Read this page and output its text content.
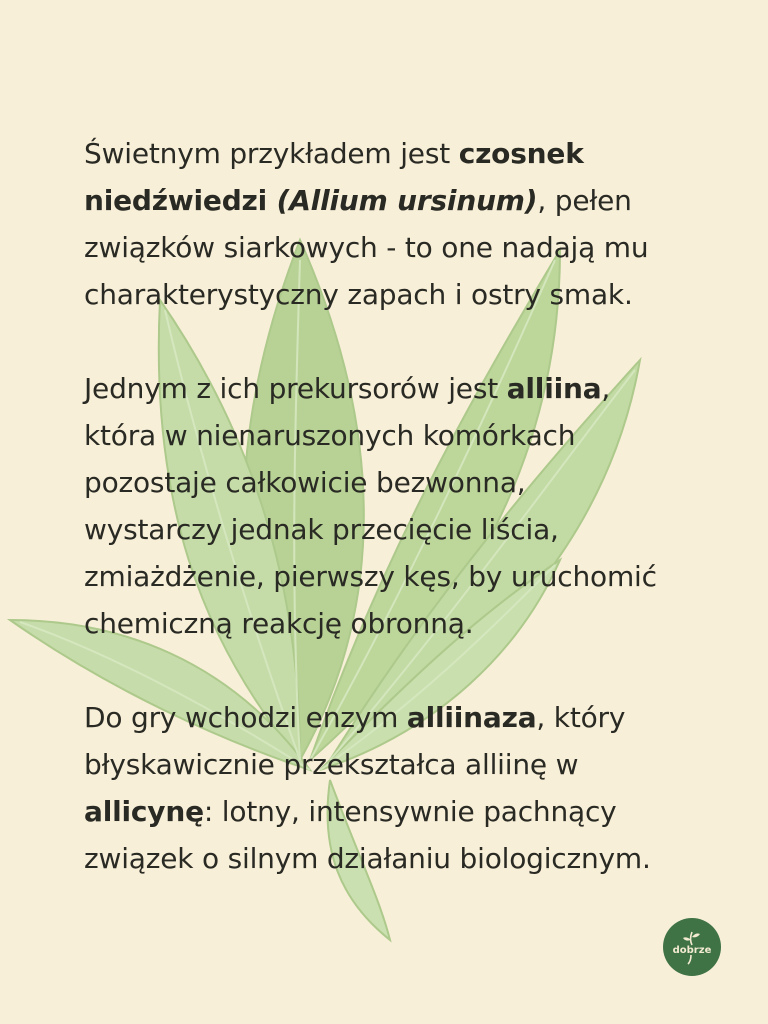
Świetnym przykładem jest czosnek
niedźwiedzi (Allium ursinum), pełen
związków siarkowych - to one nadają mu
charakterystyczny zapach i ostry smak.

Jednym z ich prekursorów jest alliina,
która w nienaruszonych komórkach
pozostaje całkowicie bezwonna,
wystarczy jednak przecięcie liścia,
zmiażdżenie, pierwszy kęs, by uruchomić
chemiczną reakcję obronną.

Do gry wchodzi enzym alliinaza, który
błyskawicznie przekształca alliinę w
allicynę: lotny, intensywnie pachnący
związek o silnym działaniu biologicznym.

dobrze
